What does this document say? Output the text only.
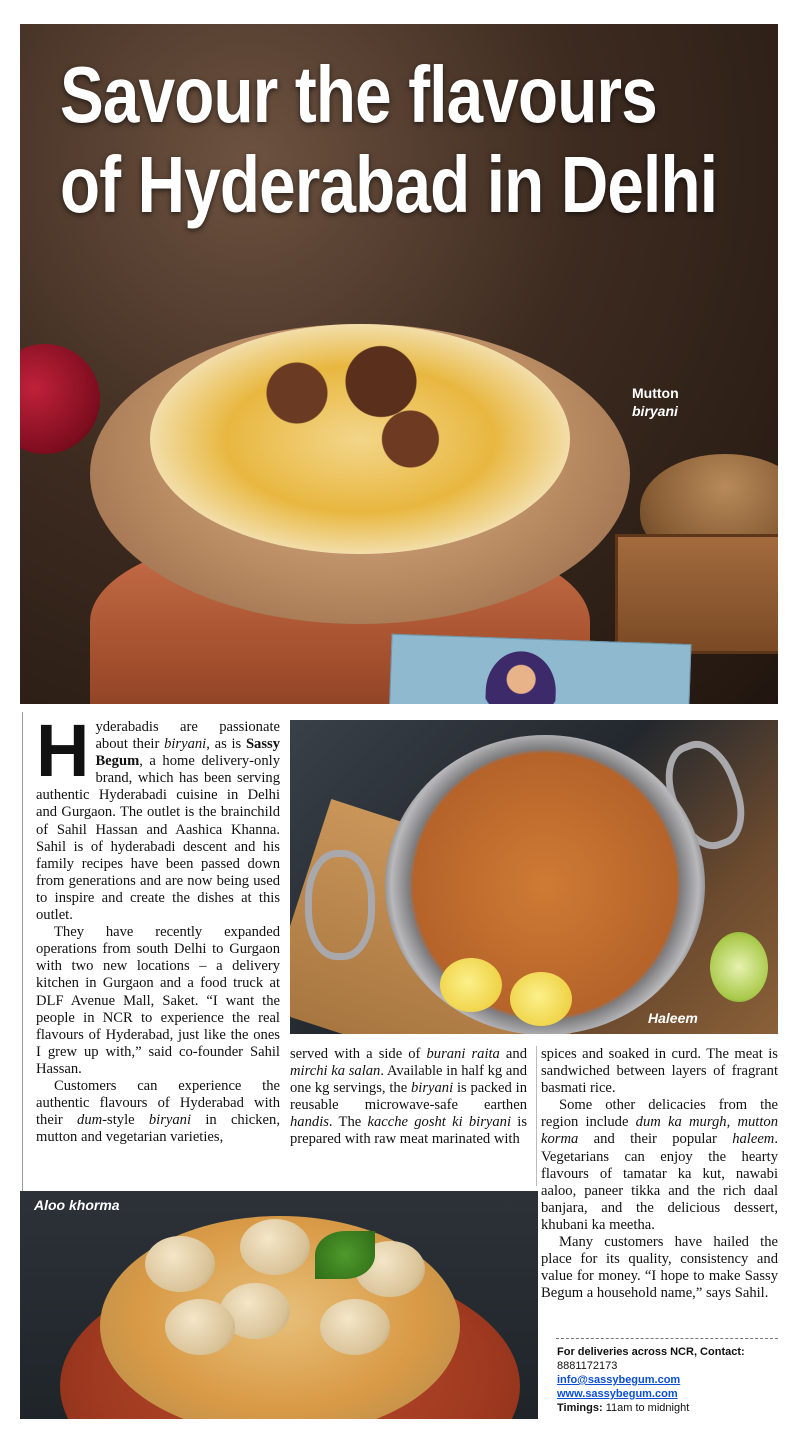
Savour the flavours
of Hyderabad in Delhi
Mutton
biryani

Hyderabadis are passionate about their biryani, as is Sassy Begum, a home delivery-only brand, which has been serving authentic Hyderabadi cuisine in Delhi and Gurgaon. The outlet is the brainchild of Sahil Hassan and Aashica Khanna. Sahil is of hyderabadi descent and his family recipes have been passed down from generations and are now being used to inspire and create the dishes at this outlet.

They have recently expanded operations from south Delhi to Gurgaon with two new locations – a delivery kitchen in Gurgaon and a food truck at DLF Avenue Mall, Saket. “I want the people in NCR to experience the real flavours of Hyderabad, just like the ones I grew up with,” said co-founder Sahil Hassan.

Customers can experience the authentic flavours of Hyderabad with their dum-style biryani in chicken, mutton and vegetarian varieties,

Haleem

served with a side of burani raita and mirchi ka salan. Available in half kg and one kg servings, the biryani is packed in reusable microwave-safe earthen handis. The kacche gosht ki biryani is prepared with raw meat marinated with

spices and soaked in curd. The meat is sandwiched between layers of fragrant basmati rice.

Some other delicacies from the region include dum ka murgh, mutton korma and their popular haleem. Vegetarians can enjoy the hearty flavours of tamatar ka kut, nawabi aaloo, paneer tikka and the rich daal banjara, and the delicious dessert, khubani ka meetha.

Many customers have hailed the place for its quality, consistency and value for money. “I hope to make Sassy Begum a household name,” says Sahil.

Aloo khorma
For deliveries across NCR, Contact:
8881172173
info@sassybegum.com
www.sassybegum.com
Timings: 11am to midnight
